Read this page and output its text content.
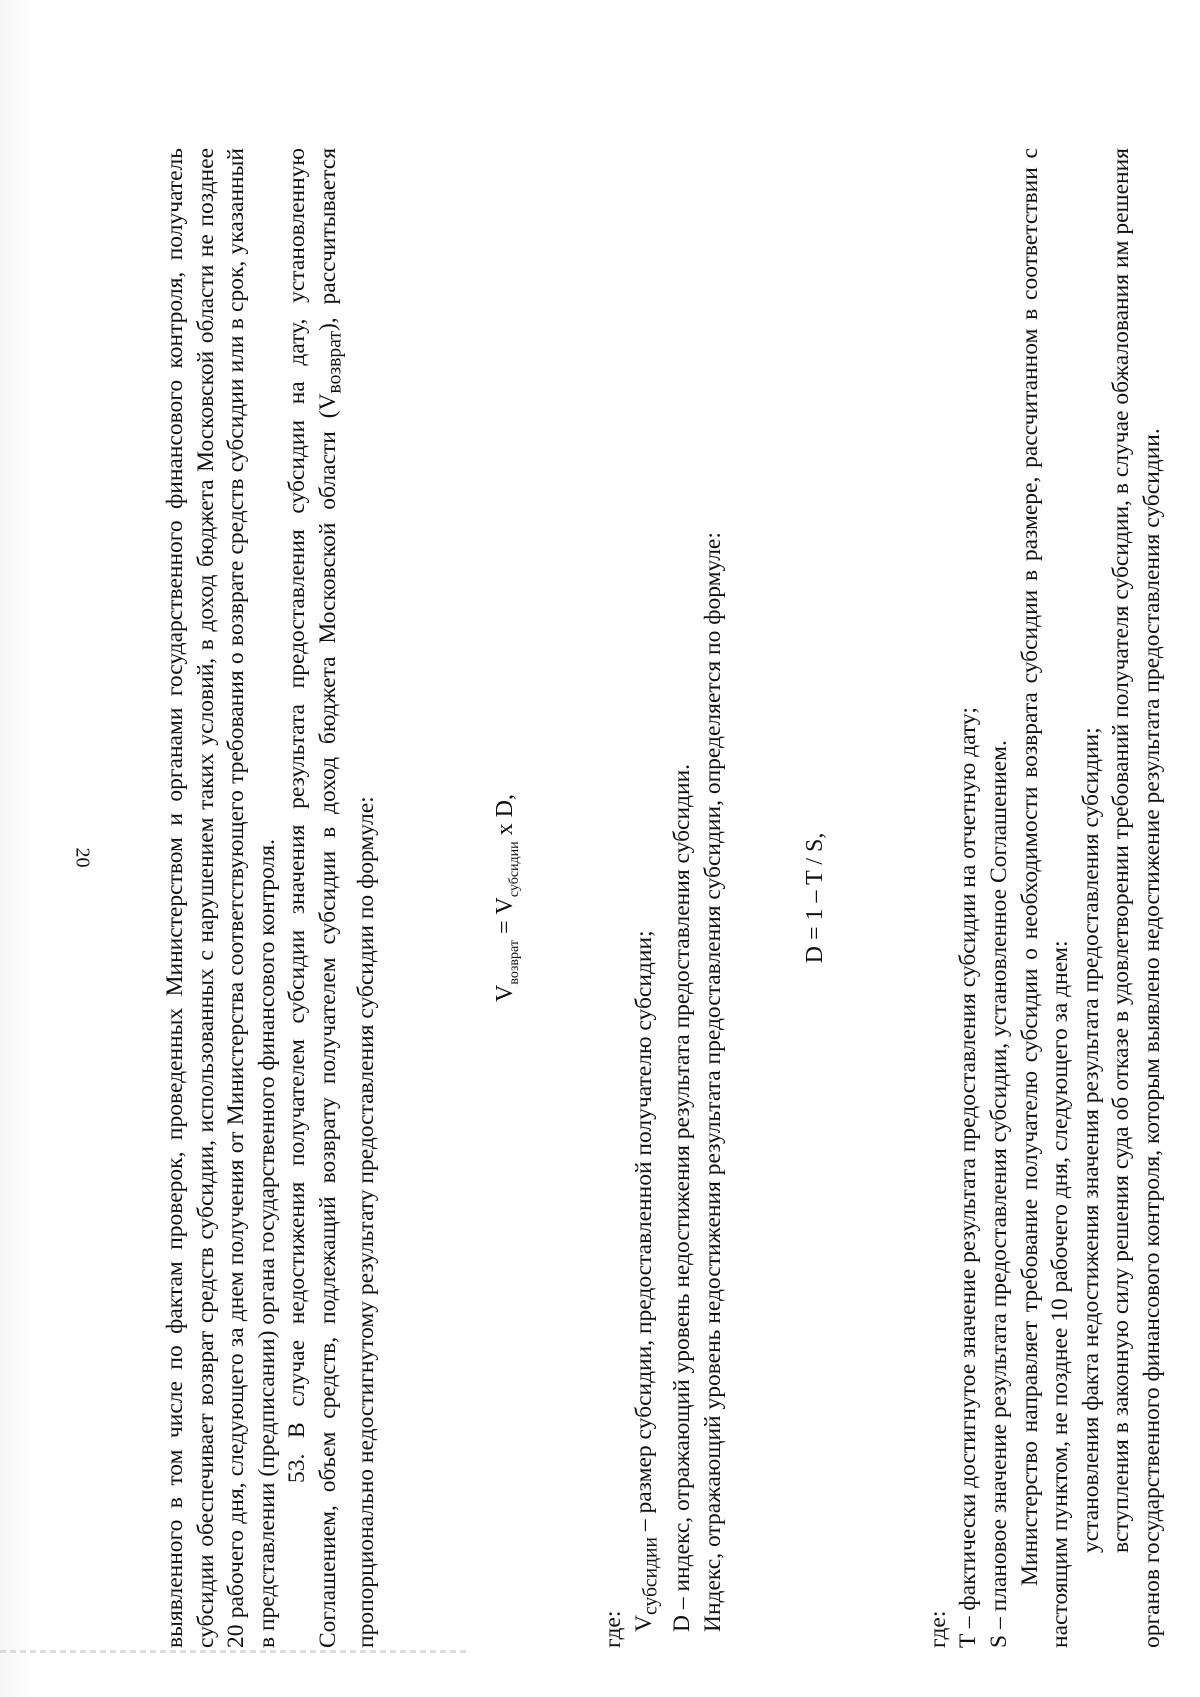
20	выявленного в том числе по фактам проверок, проведенных Министерством и органами государственного финансового контроля, получатель субсидии обеспечивает возврат средств субсидии, использованных с нарушением таких условий, в доход бюджета Московской области не позднее 20 рабочего дня, следующего за днем получения от Министерства соответствующего требования о возврате средств субсидии или в срок, указанный в представлении (предписании) органа государственного финансового контроля. 53. В случае недостижения получателем субсидии значения результата предоставления субсидии на дату, установленную Соглашением, объем средств, подлежащий возврату получателем субсидии в доход бюджета Московской области $(V_{возврат})$, рассчитывается пропорционально недостигнутому результату предоставления субсидии по формуле:	$V_{возврат} = V_{субсидии}$ x D,

где: $V_{субсидии}$ – размер субсидии, предоставленной получателю субсидии; D – индекс, отражающий уровень недостижения результата предоставления субсидии. Индекс, отражающий уровень недостижения результата предоставления субсидии, определяется по формуле:	D = 1 – T / S,

где: T – фактически достигнутое значение результата предоставления субсидии на отчетную дату; S – плановое значение результата предоставления субсидии, установленное Соглашением. Министерство направляет требование получателю субсидии о необходимости возврата субсидии в размере, рассчитанном в соответствии с настоящим пунктом, не позднее 10 рабочего дня, следующего за днем: установления факта недостижения значения результата предоставления субсидии; вступления в законную силу решения суда об отказе в удовлетворении требований получателя субсидии, в случае обжалования им решения органов государственного финансового контроля, которым выявлено недостижение результата предоставления субсидии.
